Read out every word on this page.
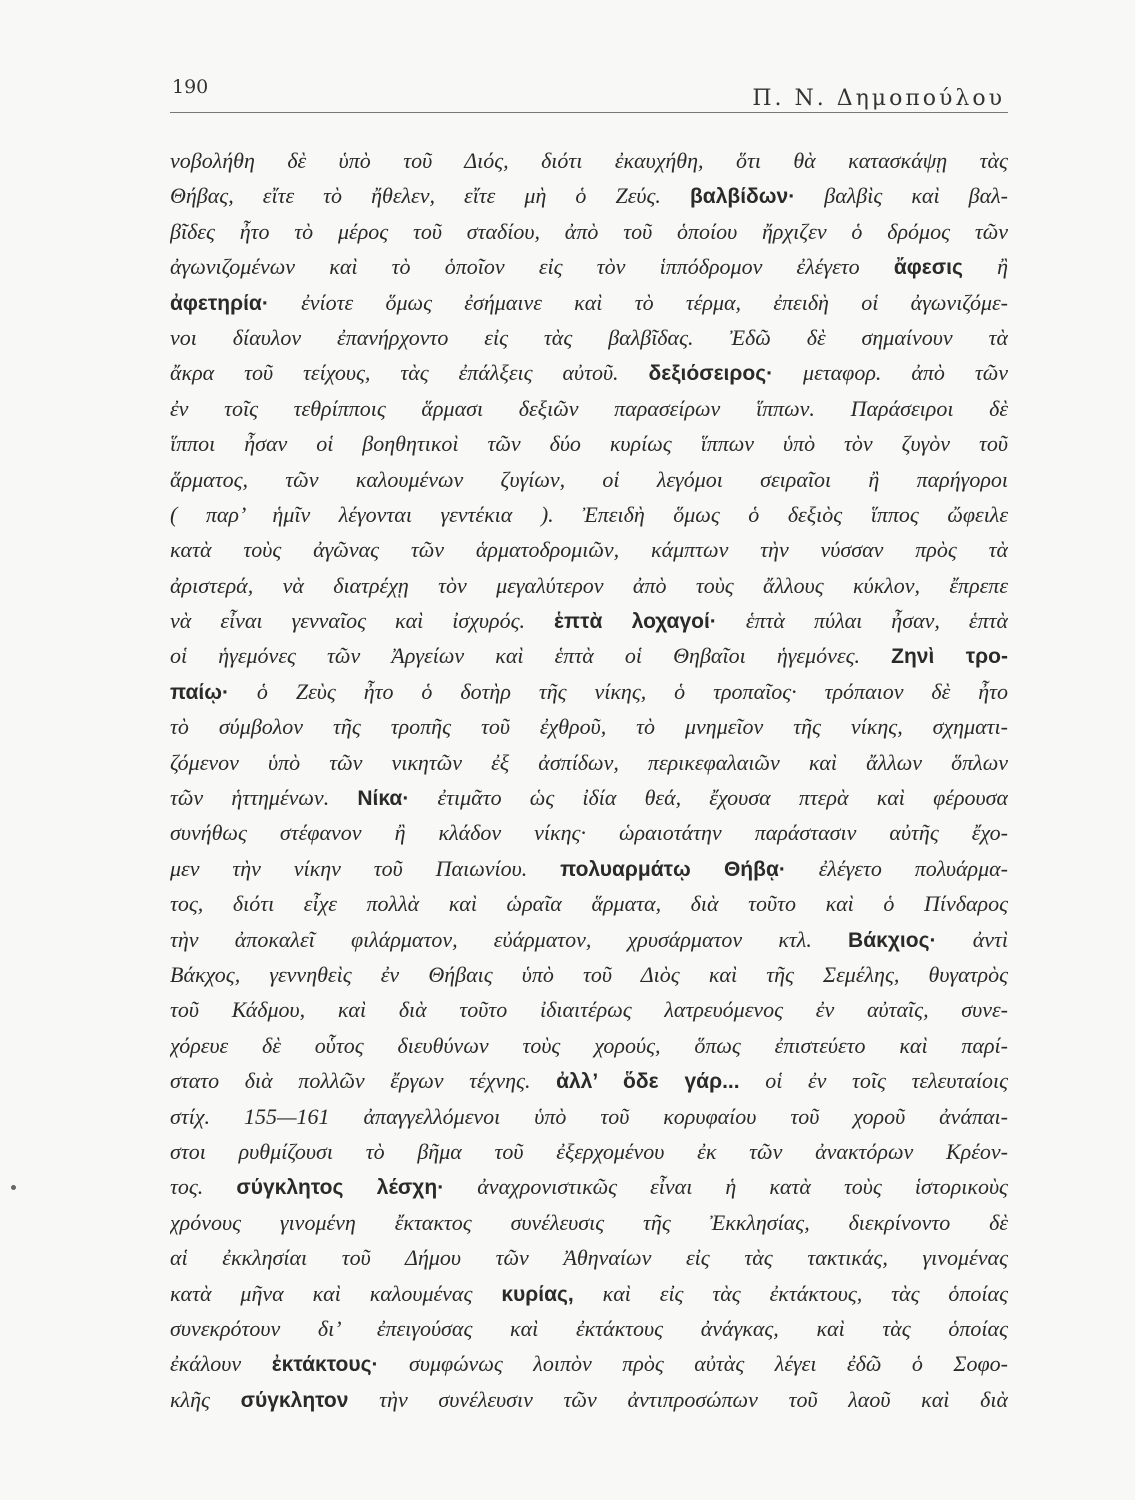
190	Π. Ν. Δημοπούλου
νοβολήθη δὲ ὑπὸ τοῦ Διός, διότι ἐκαυχήθη, ὅτι θὰ κατασκάψῃ τὰς
Θήβας, εἴτε τὸ ἤθελεν, εἴτε μὴ ὁ Ζεύς. βαλβίδων· βαλβὶς καὶ βαλ-
βῖδες ἦτο τὸ μέρος τοῦ σταδίου, ἀπὸ τοῦ ὁποίου ἤρχιζεν ὁ δρόμος τῶν
ἀγωνιζομένων καὶ τὸ ὁποῖον εἰς τὸν ἱππόδρομον ἐλέγετο ἄφεσις ἢ
ἀφετηρία· ἐνίοτε ὅμως ἐσήμαινε καὶ τὸ τέρμα, ἐπειδὴ οἱ ἀγωνιζόμε-
νοι δίαυλον ἐπανήρχοντο εἰς τὰς βαλβῖδας. Ἐδῶ δὲ σημαίνουν τὰ
ἄκρα τοῦ τείχους, τὰς ἐπάλξεις αὐτοῦ. δεξιόσειρος· μεταφορ. ἀπὸ τῶν
ἐν τοῖς τεθρίπποις ἅρμασι δεξιῶν παρασείρων ἵππων. Παράσειροι δὲ
ἵπποι ἦσαν οἱ βοηθητικοὶ τῶν δύο κυρίως ἵππων ὑπὸ τὸν ζυγὸν τοῦ
ἅρματος, τῶν καλουμένων ζυγίων, οἱ λεγόμοι σειραῖοι ἢ παρήγοροι
( παρ’ ἡμῖν λέγονται γεντέκια ). Ἐπειδὴ ὅμως ὁ δεξιὸς ἵππος ὤφειλε
κατὰ τοὺς ἀγῶνας τῶν ἁρματοδρομιῶν, κάμπτων τὴν νύσσαν πρὸς τὰ
ἀριστερά, νὰ διατρέχῃ τὸν μεγαλύτερον ἀπὸ τοὺς ἄλλους κύκλον, ἔπρεπε
νὰ εἶναι γενναῖος καὶ ἰσχυρός. ἑπτὰ λοχαγοί· ἑπτὰ πύλαι ἦσαν, ἑπτὰ
οἱ ἡγεμόνες τῶν Ἀργείων καὶ ἑπτὰ οἱ Θηβαῖοι ἡγεμόνες. Ζηνὶ τρο-
παίῳ· ὁ Ζεὺς ἦτο ὁ δοτὴρ τῆς νίκης, ὁ τροπαῖος· τρόπαιον δὲ ἦτο
τὸ σύμβολον τῆς τροπῆς τοῦ ἐχθροῦ, τὸ μνημεῖον τῆς νίκης, σχηματι-
ζόμενον ὑπὸ τῶν νικητῶν ἐξ ἀσπίδων, περικεφαλαιῶν καὶ ἄλλων ὅπλων
τῶν ἡττημένων. Νίκα· ἐτιμᾶτο ὡς ἰδία θεά, ἔχουσα πτερὰ καὶ φέρουσα
συνήθως στέφανον ἢ κλάδον νίκης· ὡραιοτάτην παράστασιν αὐτῆς ἔχο-
μεν τὴν νίκην τοῦ Παιωνίου. πολυαρμάτῳ Θήβᾳ· ἐλέγετο πολυάρμα-
τος, διότι εἶχε πολλὰ καὶ ὡραῖα ἅρματα, διὰ τοῦτο καὶ ὁ Πίνδαρος
τὴν ἀποκαλεῖ φιλάρματον, εὐάρματον, χρυσάρματον κτλ. Βάκχιος· ἀντὶ
Βάκχος, γεννηθεὶς ἐν Θήβαις ὑπὸ τοῦ Διὸς καὶ τῆς Σεμέλης, θυγατρὸς
τοῦ Κάδμου, καὶ διὰ τοῦτο ἰδιαιτέρως λατρευόμενος ἐν αὐταῖς, συνε-
χόρευε δὲ οὗτος διευθύνων τοὺς χορούς, ὅπως ἐπιστεύετο καὶ παρί-
στατο διὰ πολλῶν ἔργων τέχνης. ἀλλ’ ὅδε γάρ... οἱ ἐν τοῖς τελευταίοις
στίχ. 155—161 ἀπαγγελλόμενοι ὑπὸ τοῦ κορυφαίου τοῦ χοροῦ ἀνάπαι-
στοι ρυθμίζουσι τὸ βῆμα τοῦ ἐξερχομένου ἐκ τῶν ἀνακτόρων Κρέον-
τος. σύγκλητος λέσχη· ἀναχρονιστικῶς εἶναι ἡ κατὰ τοὺς ἱστορικοὺς
χρόνους γινομένη ἔκτακτος συνέλευσις τῆς Ἐκκλησίας, διεκρίνοντο δὲ
αἱ ἐκκλησίαι τοῦ Δήμου τῶν Ἀθηναίων εἰς τὰς τακτικάς, γινομένας
κατὰ μῆνα καὶ καλουμένας κυρίας, καὶ εἰς τὰς ἐκτάκτους, τὰς ὁποίας
συνεκρότουν δι’ ἐπειγούσας καὶ ἐκτάκτους ἀνάγκας, καὶ τὰς ὁποίας
ἐκάλουν ἐκτάκτους· συμφώνως λοιπὸν πρὸς αὐτὰς λέγει ἐδῶ ὁ Σοφο-
κλῆς σύγκλητον τὴν συνέλευσιν τῶν ἀντιπροσώπων τοῦ λαοῦ καὶ διὰ
